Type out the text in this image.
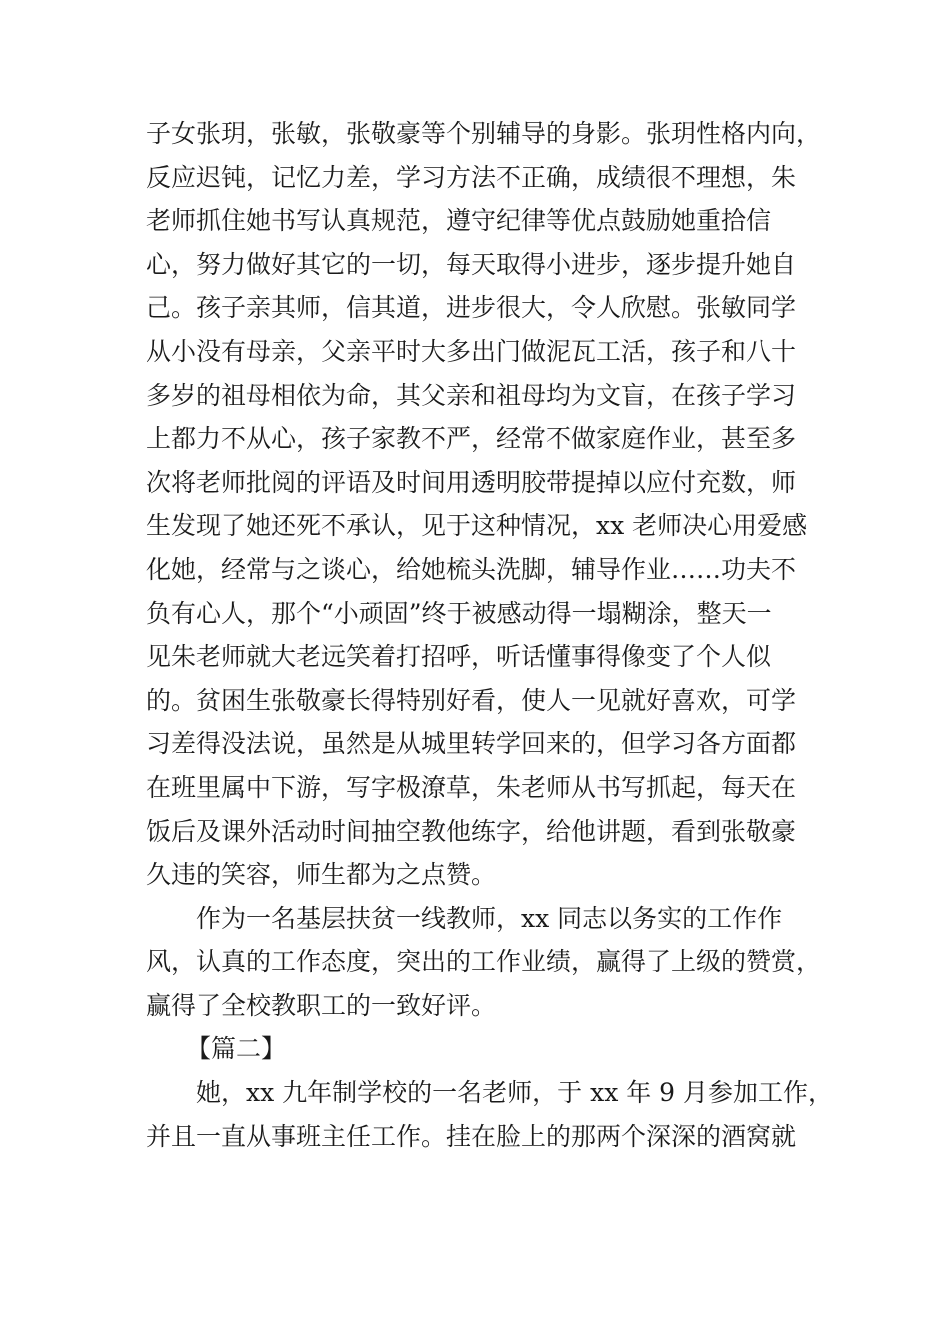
子女张玥，张敏，张敬豪等个别辅导的身影。张玥性格内向，
反应迟钝，记忆力差，学习方法不正确，成绩很不理想，朱
老师抓住她书写认真规范，遵守纪律等优点鼓励她重拾信
心，努力做好其它的一切，每天取得小进步，逐步提升她自
己。孩子亲其师，信其道，进步很大，令人欣慰。张敏同学
从小没有母亲，父亲平时大多出门做泥瓦工活，孩子和八十
多岁的祖母相依为命，其父亲和祖母均为文盲，在孩子学习
上都力不从心，孩子家教不严，经常不做家庭作业，甚至多
次将老师批阅的评语及时间用透明胶带提掉以应付充数，师
生发现了她还死不承认，见于这种情况，xx 老师决心用爱感
化她，经常与之谈心，给她梳头洗脚，辅导作业……功夫不
负有心人，那个“小顽固”终于被感动得一塌糊涂，整天一
见朱老师就大老远笑着打招呼，听话懂事得像变了个人似
的。贫困生张敬豪长得特别好看，使人一见就好喜欢，可学
习差得没法说，虽然是从城里转学回来的，但学习各方面都
在班里属中下游，写字极潦草，朱老师从书写抓起，每天在
饭后及课外活动时间抽空教他练字，给他讲题，看到张敬豪
久违的笑容，师生都为之点赞。
作为一名基层扶贫一线教师，xx 同志以务实的工作作
风，认真的工作态度，突出的工作业绩，赢得了上级的赞赏，
赢得了全校教职工的一致好评。
【篇二】
她，xx 九年制学校的一名老师，于 xx 年 9 月参加工作，
并且一直从事班主任工作。挂在脸上的那两个深深的酒窝就
